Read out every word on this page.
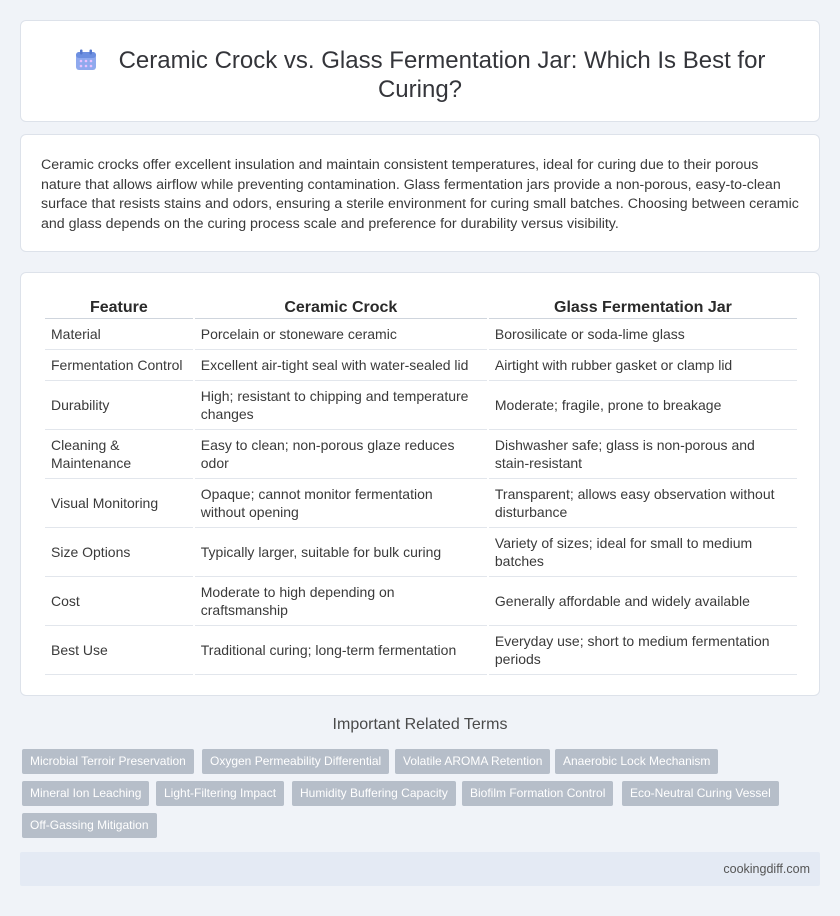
Ceramic Crock vs. Glass Fermentation Jar: Which Is Best for
Curing?

Ceramic crocks offer excellent insulation and maintain consistent temperatures, ideal for curing due to their porous nature that allows airflow while preventing contamination. Glass fermentation jars provide a non-porous, easy-to-clean surface that resists stains and odors, ensuring a sterile environment for curing small batches. Choosing between ceramic and glass depends on the curing process scale and preference for durability versus visibility.

Feature	Ceramic Crock	Glass Fermentation Jar
Material	Porcelain or stoneware ceramic	Borosilicate or soda-lime glass
Fermentation Control	Excellent air-tight seal with water-sealed lid	Airtight with rubber gasket or clamp lid
Durability	High; resistant to chipping and temperature changes	Moderate; fragile, prone to breakage
Cleaning & Maintenance	Easy to clean; non-porous glaze reduces odor	Dishwasher safe; glass is non-porous and stain-resistant
Visual Monitoring	Opaque; cannot monitor fermentation without opening	Transparent; allows easy observation without disturbance
Size Options	Typically larger, suitable for bulk curing	Variety of sizes; ideal for small to medium batches
Cost	Moderate to high depending on craftsmanship	Generally affordable and widely available
Best Use	Traditional curing; long-term fermentation	Everyday use; short to medium fermentation periods
Important Related Terms
Microbial Terroir Preservation	Oxygen Permeability Differential	Volatile AROMA Retention	Anaerobic Lock Mechanism
Mineral Ion Leaching	Light-Filtering Impact	Humidity Buffering Capacity	Biofilm Formation Control	Eco-Neutral Curing Vessel
Off-Gassing Mitigation
cookingdiff.com
